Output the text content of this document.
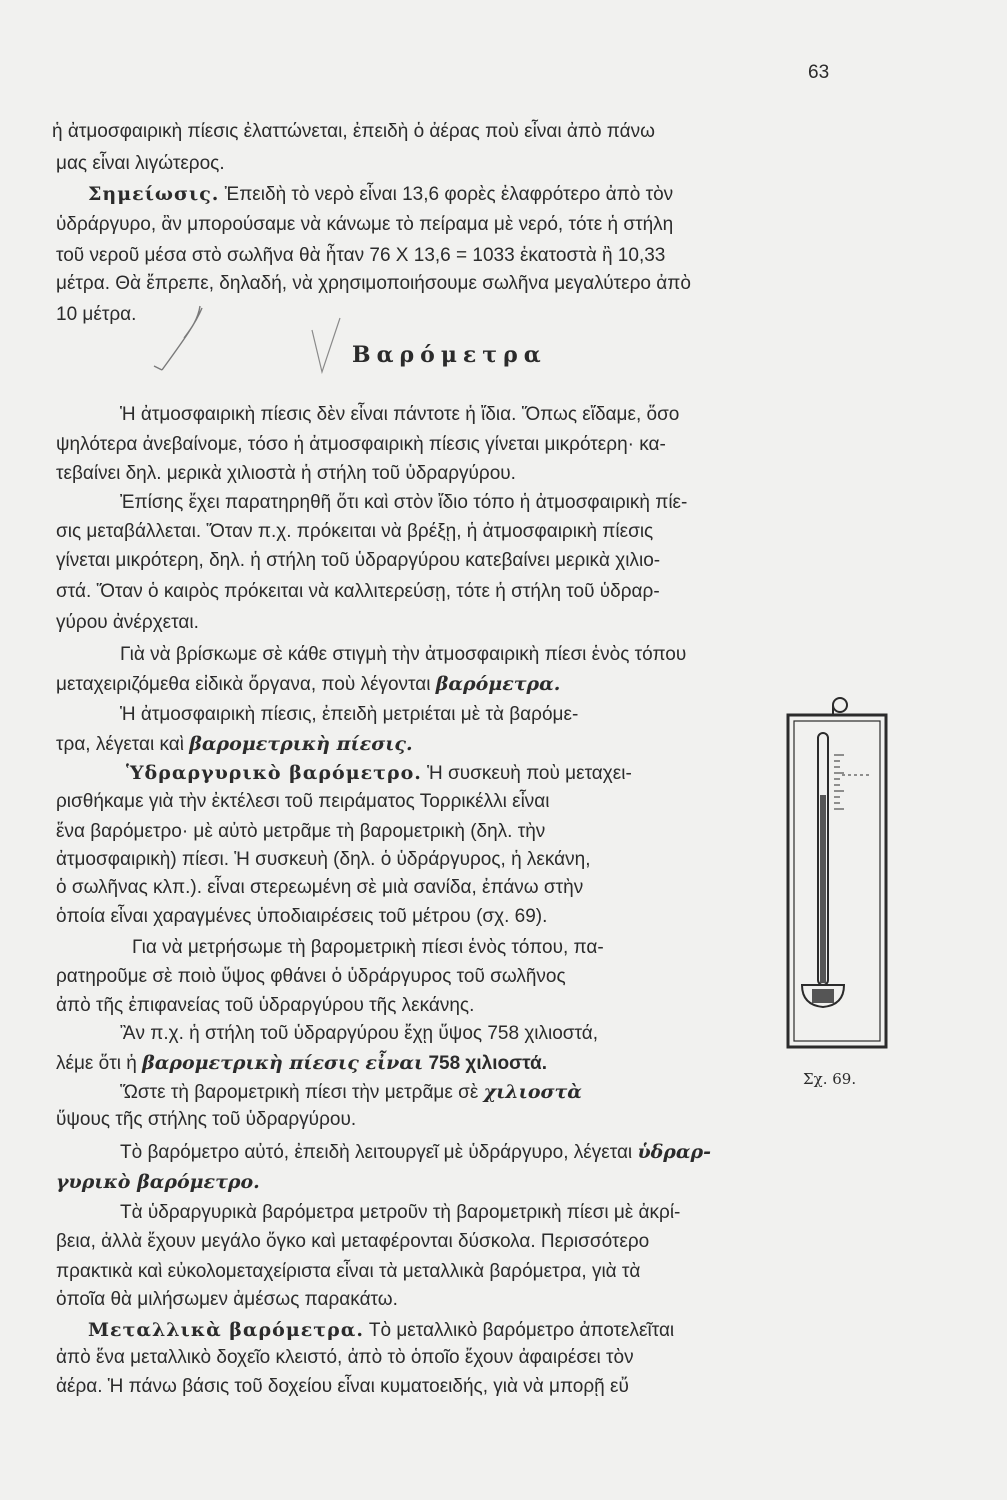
63
ἡ ἀτμοσφαιρικὴ πίεσις ἐλαττώνεται, ἐπειδὴ ὁ ἀέρας ποὺ εἶναι ἀπὸ πάνω
μας εἶναι λιγώτερος.
Σημείωσις. Ἐπειδὴ τὸ νερὸ εἶναι 13,6 φορὲς ἐλαφρότερο ἀπὸ τὸν
ὑδράργυρο, ἂν μπορούσαμε νὰ κάνωμε τὸ πείραμα μὲ νερό, τότε ἡ στήλη
τοῦ νεροῦ μέσα στὸ σωλῆνα θὰ ἦταν 76 X 13,6 = 1033 ἑκατοστὰ ἢ 10,33
μέτρα. Θὰ ἔπρεπε, δηλαδή, νὰ χρησιμοποιήσουμε σωλῆνα μεγαλύτερο ἀπὸ
10 μέτρα.
Ἡ ἀτμοσφαιρικὴ πίεσις δὲν εἶναι πάντοτε ἡ ἴδια. Ὅπως εἴδαμε, ὅσο
ψηλότερα ἀνεβαίνομε, τόσο ἡ ἀτμοσφαιρικὴ πίεσις γίνεται μικρότερη· κα-
τεβαίνει δηλ. μερικὰ χιλιοστὰ ἡ στήλη τοῦ ὑδραργύρου.
Ἐπίσης ἔχει παρατηρηθῆ ὅτι καὶ στὸν ἴδιο τόπο ἡ ἀτμοσφαιρικὴ πίε-
σις μεταβάλλεται. Ὅταν π.χ. πρόκειται νὰ βρέξῃ, ἡ ἀτμοσφαιρικὴ πίεσις
γίνεται μικρότερη, δηλ. ἡ στήλη τοῦ ὑδραργύρου κατεβαίνει μερικὰ χιλιο-
στά. Ὅταν ὁ καιρὸς πρόκειται νὰ καλλιτερεύσῃ, τότε ἡ στήλη τοῦ ὑδραρ-
γύρου ἀνέρχεται.
Γιὰ νὰ βρίσκωμε σὲ κάθε στιγμὴ τὴν ἀτμοσφαιρικὴ πίεσι ἑνὸς τόπου
μεταχειριζόμεθα εἰδικὰ ὄργανα, ποὺ λέγονται βαρόμετρα.
Ἡ ἀτμοσφαιρικὴ πίεσις, ἐπειδὴ μετριέται μὲ τὰ βαρόμε-
τρα, λέγεται καὶ βαρομετρικὴ πίεσις.
Ὑδραργυρικὸ βαρόμετρο. Ἡ συσκευὴ ποὺ μεταχει-
ρισθήκαμε γιὰ τὴν ἐκτέλεσι τοῦ πειράματος Τορρικέλλι εἶναι
ἕνα βαρόμετρο· μὲ αὐτὸ μετρᾶμε τὴ βαρομετρικὴ (δηλ. τὴν
ἀτμοσφαιρικὴ) πίεσι. Ἡ συσκευὴ (δηλ. ὁ ὑδράργυρος, ἡ λεκάνη,
ὁ σωλῆνας κλπ.). εἶναι στερεωμένη σὲ μιὰ σανίδα, ἐπάνω στὴν
ὁποία εἶναι χαραγμένες ὑποδιαιρέσεις τοῦ μέτρου (σχ. 69).
Για νὰ μετρήσωμε τὴ βαρομετρικὴ πίεσι ἑνὸς τόπου, πα-
ρατηροῦμε σὲ ποιὸ ὕψος φθάνει ὁ ὑδράργυρος τοῦ σωλῆνος
ἀπὸ τῆς ἐπιφανείας τοῦ ὑδραργύρου τῆς λεκάνης.
Ἂν π.χ. ἡ στήλη τοῦ ὑδραργύρου ἔχῃ ὕψος 758 χιλιοστά,
λέμε ὅτι ἡ βαρομετρικὴ πίεσις εἶναι 758 χιλιοστά.
Ὥστε τὴ βαρομετρικὴ πίεσι τὴν μετρᾶμε σὲ χιλιοστὰ
ὕψους τῆς στήλης τοῦ ὑδραργύρου.
Τὸ βαρόμετρο αὐτό, ἐπειδὴ λειτουργεῖ μὲ ὑδράργυρο, λέγεται ὑδραρ-
γυρικὸ βαρόμετρο.
Τὰ ὑδραργυρικὰ βαρόμετρα μετροῦν τὴ βαρομετρικὴ πίεσι μὲ ἀκρί-
βεια, ἀλλὰ ἔχουν μεγάλο ὄγκο καὶ μεταφέρονται δύσκολα. Περισσότερο
πρακτικὰ καὶ εὐκολομεταχείριστα εἶναι τὰ μεταλλικὰ βαρόμετρα, γιὰ τὰ
ὁποῖα θὰ μιλήσωμεν ἀμέσως παρακάτω.
Μεταλλικὰ βαρόμετρα. Τὸ μεταλλικὸ βαρόμετρο ἀποτελεῖται
ἀπὸ ἕνα μεταλλικὸ δοχεῖο κλειστό, ἀπὸ τὸ ὁποῖο ἔχουν ἀφαιρέσει τὸν
ἀέρα. Ἡ πάνω βάσις τοῦ δοχείου εἶναι κυματοειδής, γιὰ νὰ μπορῇ εὔ
Βαρόμετρα
Σχ. 69.
